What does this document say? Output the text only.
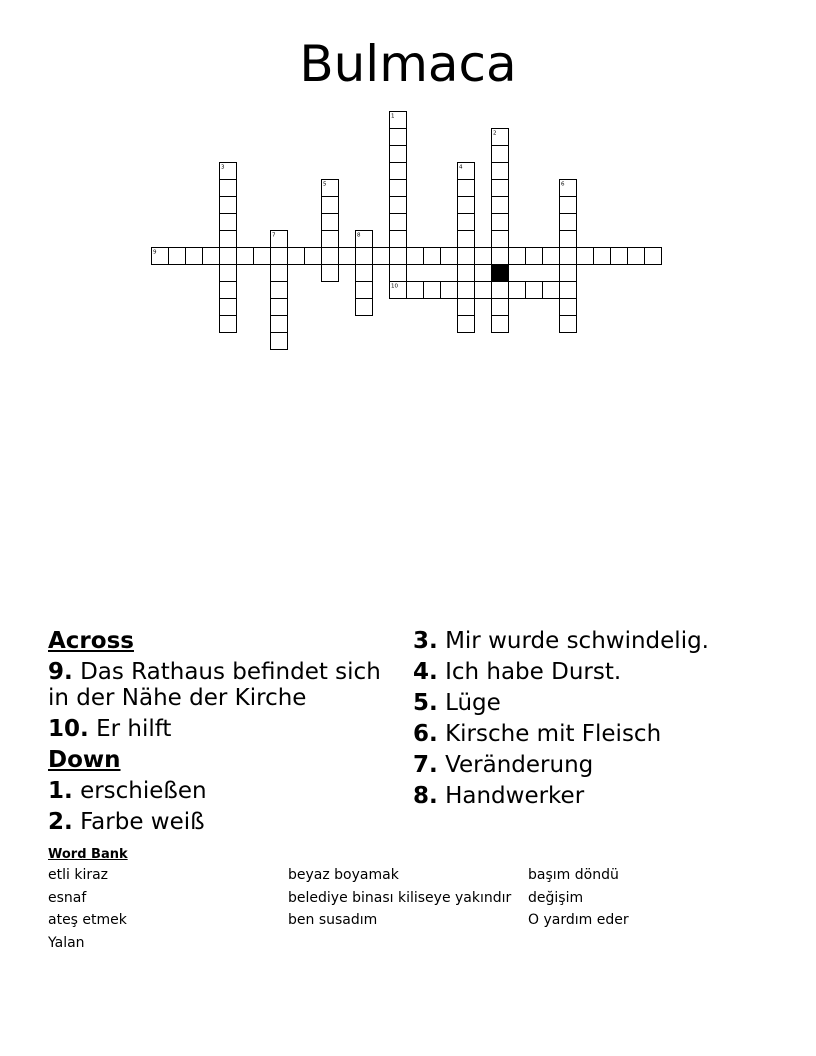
Bulmaca
9
10
1
2
3	4
5	6
7	8
Across
9. Das Rathaus befindet sich in der Nähe der Kirche
10. Er hilft
Down
1. erschießen
2. Farbe weiß
3. Mir wurde schwindelig.
4. Ich habe Durst.
5. Lüge
6. Kirsche mit Fleisch
7. Veränderung
8. Handwerker
Word Bank
etli kiraz	beyaz boyamak	başım döndü
esnaf	belediye binası kiliseye yakındır	değişim
ateş etmek	ben susadım	O yardım eder
Yalan
